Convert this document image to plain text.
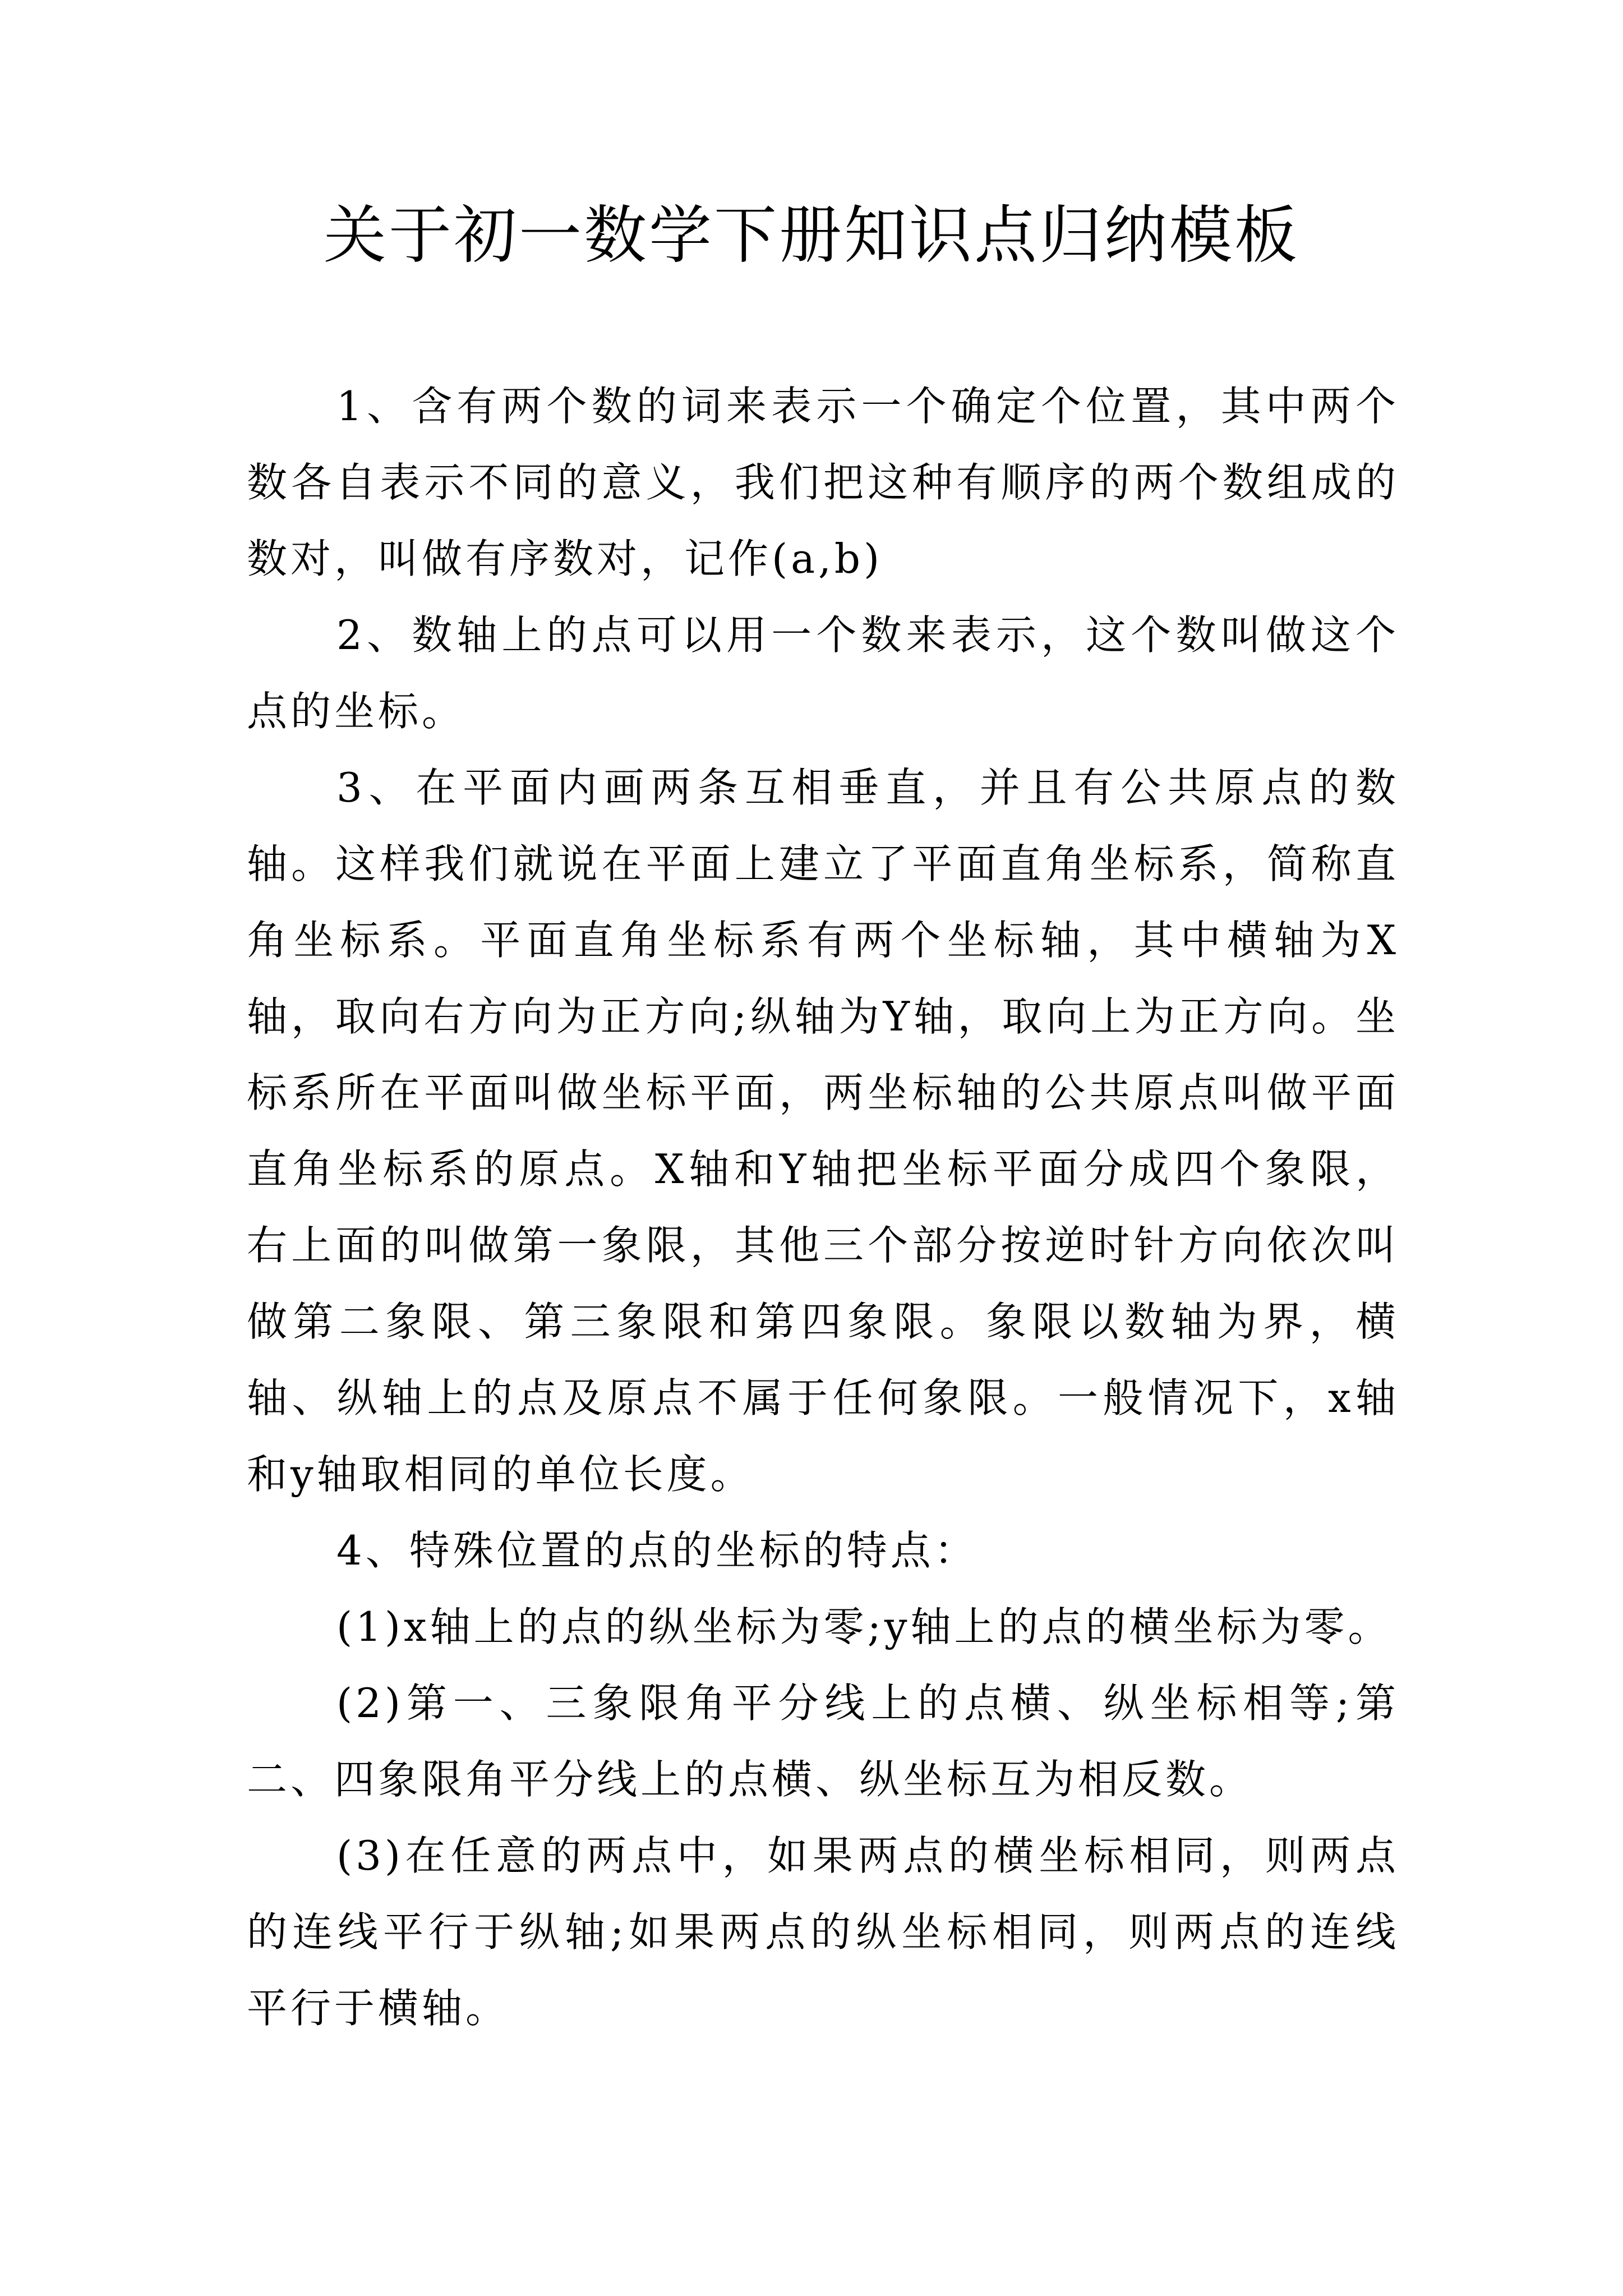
关于初一数学下册知识点归纳模板

1、含有两个数的词来表示一个确定个位置，其中两个数各自表示不同的意义，我们把这种有顺序的两个数组成的数对，叫做有序数对，记作(a,b)

2、数轴上的点可以用一个数来表示，这个数叫做这个点的坐标。

3、在平面内画两条互相垂直，并且有公共原点的数轴。这样我们就说在平面上建立了平面直角坐标系，简称直角坐标系。平面直角坐标系有两个坐标轴，其中横轴为X轴，取向右方向为正方向;纵轴为Y轴，取向上为正方向。坐标系所在平面叫做坐标平面，两坐标轴的公共原点叫做平面直角坐标系的原点。X轴和Y轴把坐标平面分成四个象限，右上面的叫做第一象限，其他三个部分按逆时针方向依次叫做第二象限、第三象限和第四象限。象限以数轴为界，横轴、纵轴上的点及原点不属于任何象限。一般情况下，x轴和y轴取相同的单位长度。

4、特殊位置的点的坐标的特点：

(1)x轴上的点的纵坐标为零;y轴上的点的横坐标为零。

(2)第一、三象限角平分线上的点横、纵坐标相等;第二、四象限角平分线上的点横、纵坐标互为相反数。

(3)在任意的两点中，如果两点的横坐标相同，则两点的连线平行于纵轴;如果两点的纵坐标相同，则两点的连线平行于横轴。
